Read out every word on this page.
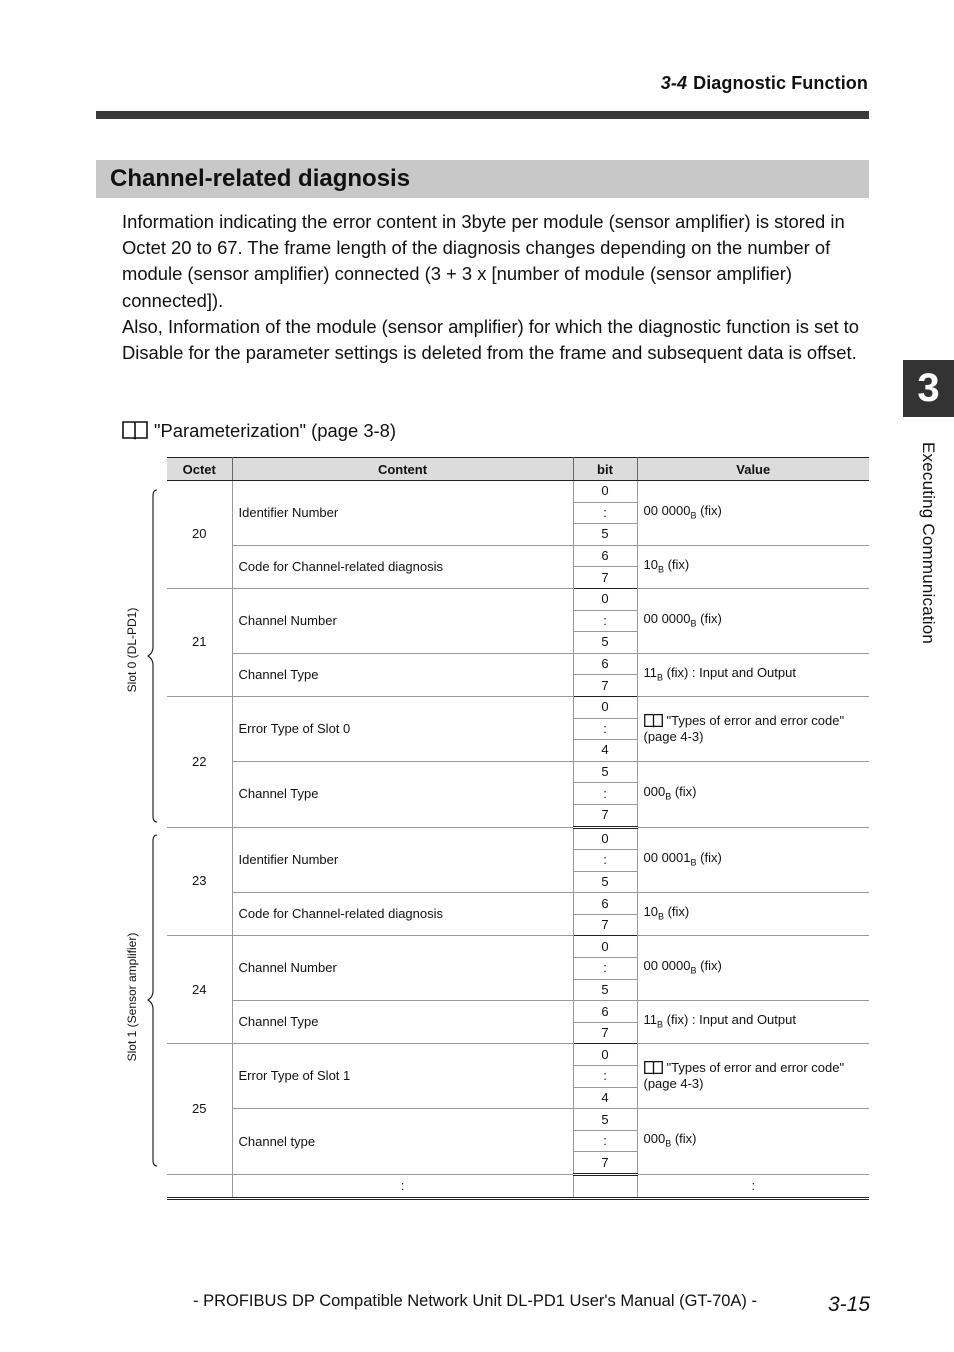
3-4 Diagnostic Function
Channel-related diagnosis

Information indicating the error content in 3byte per module (sensor amplifier) is stored in Octet 20 to 67. The frame length of the diagnosis changes depending on the number of module (sensor amplifier) connected (3 + 3 x [number of module (sensor amplifier) connected]).

Also, Information of the module (sensor amplifier) for which the diagnostic function is set to Disable for the parameter settings is deleted from the frame and subsequent data is offset.

"Parameterization" (page 3-8)
3
Executing Communication
Slot 0 (DL-PD1)
Slot 1 (Sensor amplifier)
Octet	Content	bit	Value
20	Identifier Number	0	00 $0000_B$ (fix)
		:	
		5	
	Code for Channel-related diagnosis	6	$10_B$ (fix)
		7	
21	Channel Number	0	00 $0000_B$ (fix)
		:	
		5	
	Channel Type	6	$11_B$ (fix) : Input and Output
		7	
22	Error Type of Slot 0	0	"Types of error and error code"
(page 4-3)
		:	
		4	
	Channel Type	5	$000_B$ (fix)
		:	
		7	
23	Identifier Number	0	00 $0001_B$ (fix)
		:	
		5	
	Code for Channel-related diagnosis	6	$10_B$ (fix)
		7	
24	Channel Number	0	00 $0000_B$ (fix)
		:	
		5	
	Channel Type	6	$11_B$ (fix) : Input and Output
		7	
25	Error Type of Slot 1	0	"Types of error and error code"
(page 4-3)
		:	
		4	
	Channel type	5	$000_B$ (fix)
		:	
		7	
	:		:
- PROFIBUS DP Compatible Network Unit DL-PD1 User's Manual (GT-70A) -	3-15
